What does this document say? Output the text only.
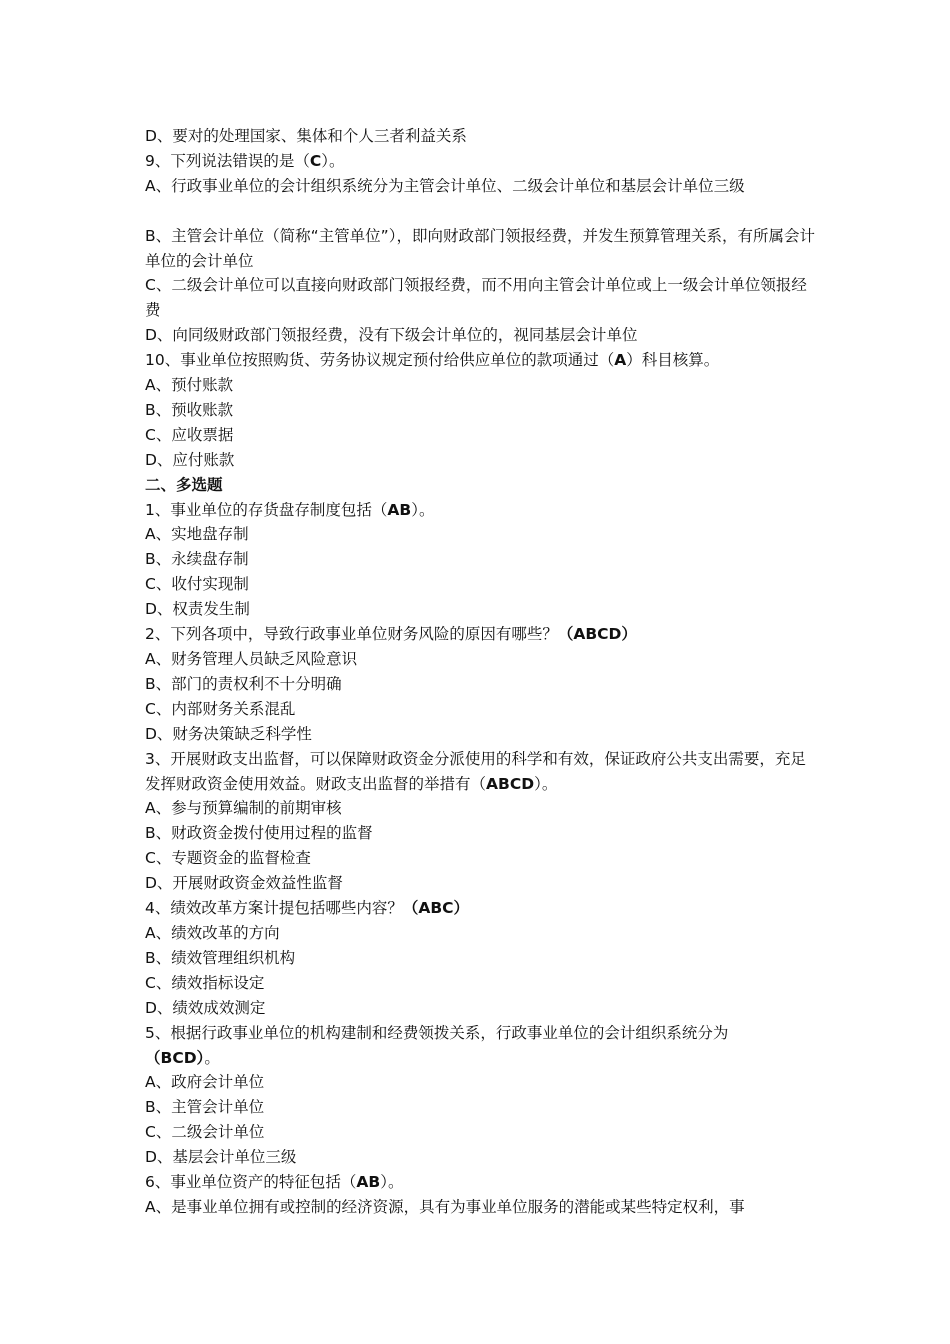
D、要对的处理国家、集体和个人三者利益关系
9、下列说法错误的是（C）。
A、行政事业单位的会计组织系统分为主管会计单位、二级会计单位和基层会计单位三级
B、主管会计单位（简称“主管单位”），即向财政部门领报经费，并发生预算管理关系，有所属会计单位的会计单位
C、二级会计单位可以直接向财政部门领报经费，而不用向主管会计单位或上一级会计单位领报经费
D、向同级财政部门领报经费，没有下级会计单位的，视同基层会计单位
10、事业单位按照购货、劳务协议规定预付给供应单位的款项通过（A）科目核算。
A、预付账款
B、预收账款
C、应收票据
D、应付账款
二、多选题
1、事业单位的存货盘存制度包括（AB）。
A、实地盘存制
B、永续盘存制
C、收付实现制
D、权责发生制
2、下列各项中，导致行政事业单位财务风险的原因有哪些？（ABCD）
A、财务管理人员缺乏风险意识
B、部门的责权利不十分明确
C、内部财务关系混乱
D、财务决策缺乏科学性
3、开展财政支出监督，可以保障财政资金分派使用的科学和有效，保证政府公共支出需要，充足发挥财政资金使用效益。财政支出监督的举措有（ABCD）。
A、参与预算编制的前期审核
B、财政资金拨付使用过程的监督
C、专题资金的监督检查
D、开展财政资金效益性监督
4、绩效改革方案计提包括哪些内容？（ABC）
A、绩效改革的方向
B、绩效管理组织机构
C、绩效指标设定
D、绩效成效测定
5、根据行政事业单位的机构建制和经费领拨关系，行政事业单位的会计组织系统分为
（BCD）。
A、政府会计单位
B、主管会计单位
C、二级会计单位
D、基层会计单位三级
6、事业单位资产的特征包括（AB）。
A、是事业单位拥有或控制的经济资源，具有为事业单位服务的潜能或某些特定权利，事
